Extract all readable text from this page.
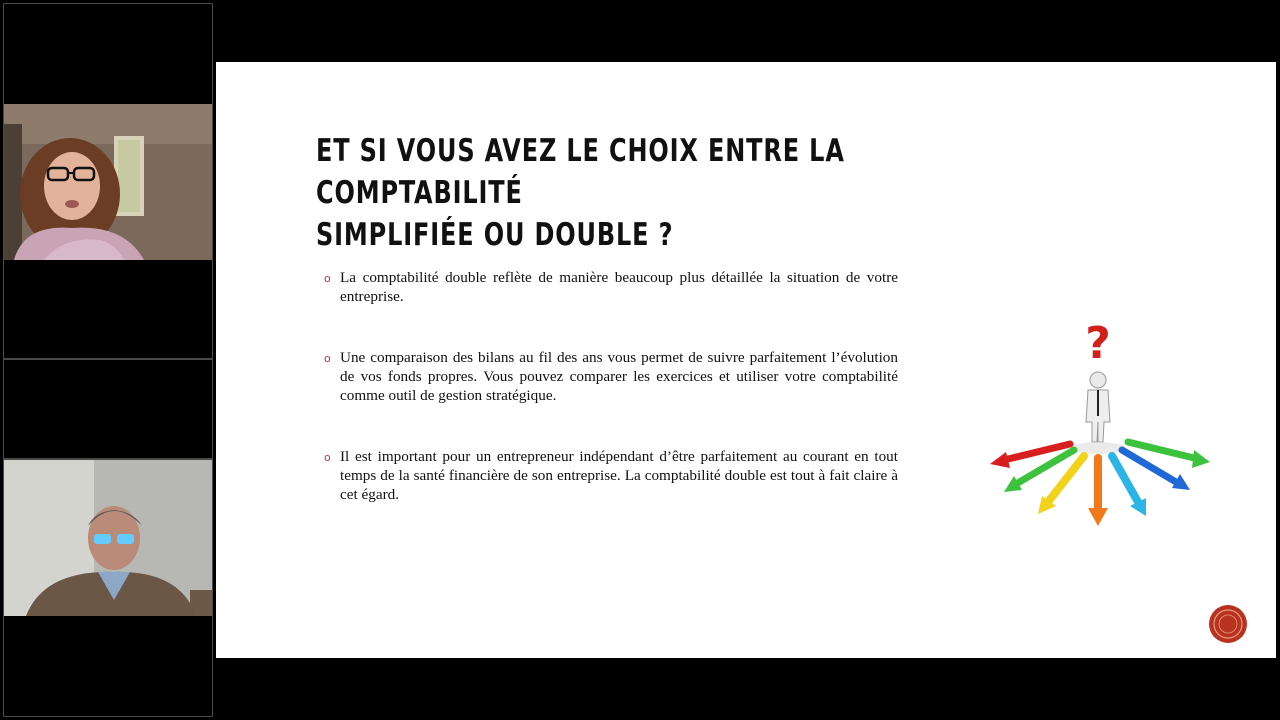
ET SI VOUS AVEZ LE CHOIX ENTRE LA COMPTABILITÉ
SIMPLIFIÉE OU DOUBLE ?
o La comptabilité double reflète de manière beaucoup plus détaillée la situation de votre entreprise.
o Une comparaison des bilans au fil des ans vous permet de suivre parfaitement l’évolution de vos fonds propres. Vous pouvez comparer les exercices et utiliser votre comptabilité comme outil de gestion stratégique.
o Il est important pour un entrepreneur indépendant d’être parfaitement au courant en tout temps de la santé financière de son entreprise. La comptabilité double est tout à fait claire à cet égard.
?
